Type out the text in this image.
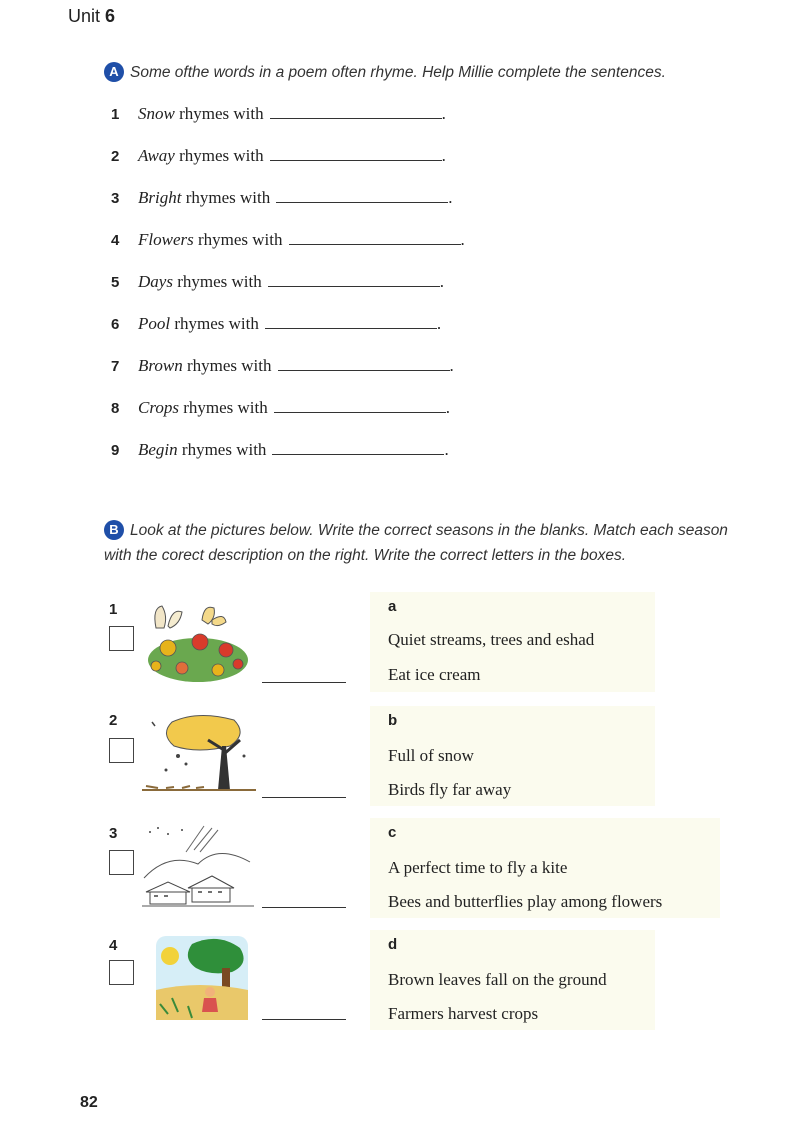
Unit 6
A Some ofthe words in a poem often rhyme. Help Millie complete the sentences.
1 Snow rhymes with	.
2 Away rhymes with	.
3 Bright rhymes with	.
4 Flowers rhymes with	.
5 Days rhymes with	.
6 Pool rhymes with	.
7 Brown rhymes with	.
8 Crops rhymes with	.
9 Begin rhymes with	.
B Look at the pictures below. Write the correct seasons in the blanks. Match each season with the corect description on the right. Write the correct letters in the boxes.
1
2
3
4
a
Quiet streams, trees and eshad
Eat ice cream
b
Full of snow
Birds fly far away
c
A perfect time to fly a kite
Bees and butterflies play among flowers
d
Brown leaves fall on the ground
Farmers harvest crops
82
